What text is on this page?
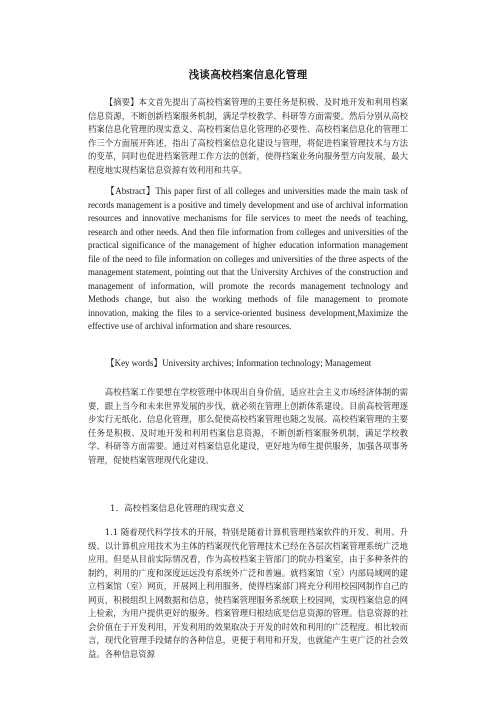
浅谈高校档案信息化管理

【摘要】本文首先提出了高校档案管理的主要任务是积极、及时地开发和利用档案信息资源，不断创新档案服务机制，满足学校教学、科研等方面需要。然后分别从高校档案信息化管理的现实意义、高校档案信息化管理的必要性、高校档案信息化的管理工作三个方面展开阵述，指出了高校档案信息化建设与管理，将促进档案管理技术与方法的变革，同时也促进档案管理工作方法的创新，使得档案业务向服务型方向发展，最大程度地实现档案信息资源有效利用和共享。

【Abstract】This paper first of all colleges and universities made the main task of records management is a positive and timely development and use of archival information resources and innovative mechanisms for file services to meet the needs of teaching, research and other needs. And then file information from colleges and universities of the practical significance of the management of higher education information management file of the need to file information on colleges and universities of the three aspects of the management statement, pointing out that the University Archives of the construction and management of information, will promote the records management technology and Methods change, but also the working methods of file management to promote innovation, making the files to a service-oriented business development,Maximize the effective use of archival information and share resources.

【Key words】University archives; Information technology; Management

高校档案工作要想在学校管理中体现出自身价值，适应社会主义市场经济体制的需要，跟上当今和未来世界发展的步伐，就必须在管理上创新体系建设。目前高校管理逐步实行无纸化、信息化管理，那么促使高校档案管理也随之发展。高校档案管理的主要任务是积极、及时地开发和利用档案信息资源，不断创新档案服务机制，满足学校教学、科研等方面需要。通过对档案信息化建设，更好地为师生提供服务，加强各项事务管理，促使档案管理现代化建设。

1．高校档案信息化管理的现实意义

1.1 随着现代科学技术的开展，特别是随着计算机管理档案软件的开发、利用、升级、以计算机应用技术为主体的档案现代化管理技术已经在各层次档案管理系统广泛地应用。但是从目前实际情况看，作为高校档案主管部门的院办档案室，由于多种条件的制约，利用的广度和深度远远没有系统外广泛和普遍。就档案馆（室）内部局域网的建立档案馆（室）网页，开展网上利用服务，使得档案部门将充分利用校园网制作自己的网页，积极组织上网数据和信息，使档案管理服务系统联上校园网，实现档案信息的网上检索，为用户提供更好的服务。档案管理归根结底是信息资源的管理。信息资源的社会价值在于开发利用，开发利用的效果取决于开发的时效和利用的广泛程度。相比较而言，现代化管理手段储存的各种信息，更便于利用和开发，也就能产生更广泛的社会效益。各种信息资源
